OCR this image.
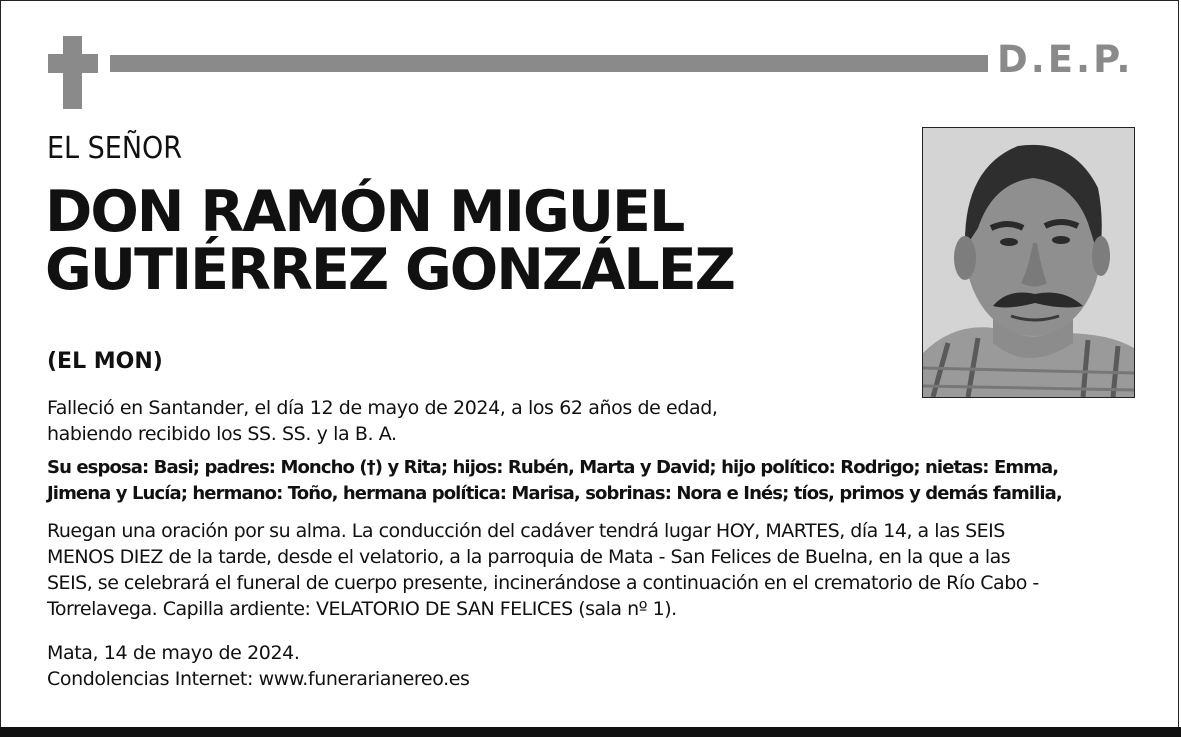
D.E.P.
EL SEÑOR
DON RAMÓN MIGUEL
GUTIÉRREZ GONZÁLEZ
(EL MON)
Falleció en Santander, el día 12 de mayo de 2024, a los 62 años de edad,
habiendo recibido los SS. SS. y la B. A.
Su esposa: Basi; padres: Moncho (†) y Rita; hijos: Rubén, Marta y David; hijo político: Rodrigo; nietas: Emma,
Jimena y Lucía; hermano: Toño, hermana política: Marisa, sobrinas: Nora e Inés; tíos, primos y demás familia,
Ruegan una oración por su alma. La conducción del cadáver tendrá lugar HOY, MARTES, día 14, a las SEIS
MENOS DIEZ de la tarde, desde el velatorio, a la parroquia de Mata - San Felices de Buelna, en la que a las
SEIS, se celebrará el funeral de cuerpo presente, incinerándose a continuación en el crematorio de Río Cabo -
Torrelavega. Capilla ardiente: VELATORIO DE SAN FELICES (sala nº 1).
Mata, 14 de mayo de 2024.
Condolencias Internet: www.funerarianereo.es
